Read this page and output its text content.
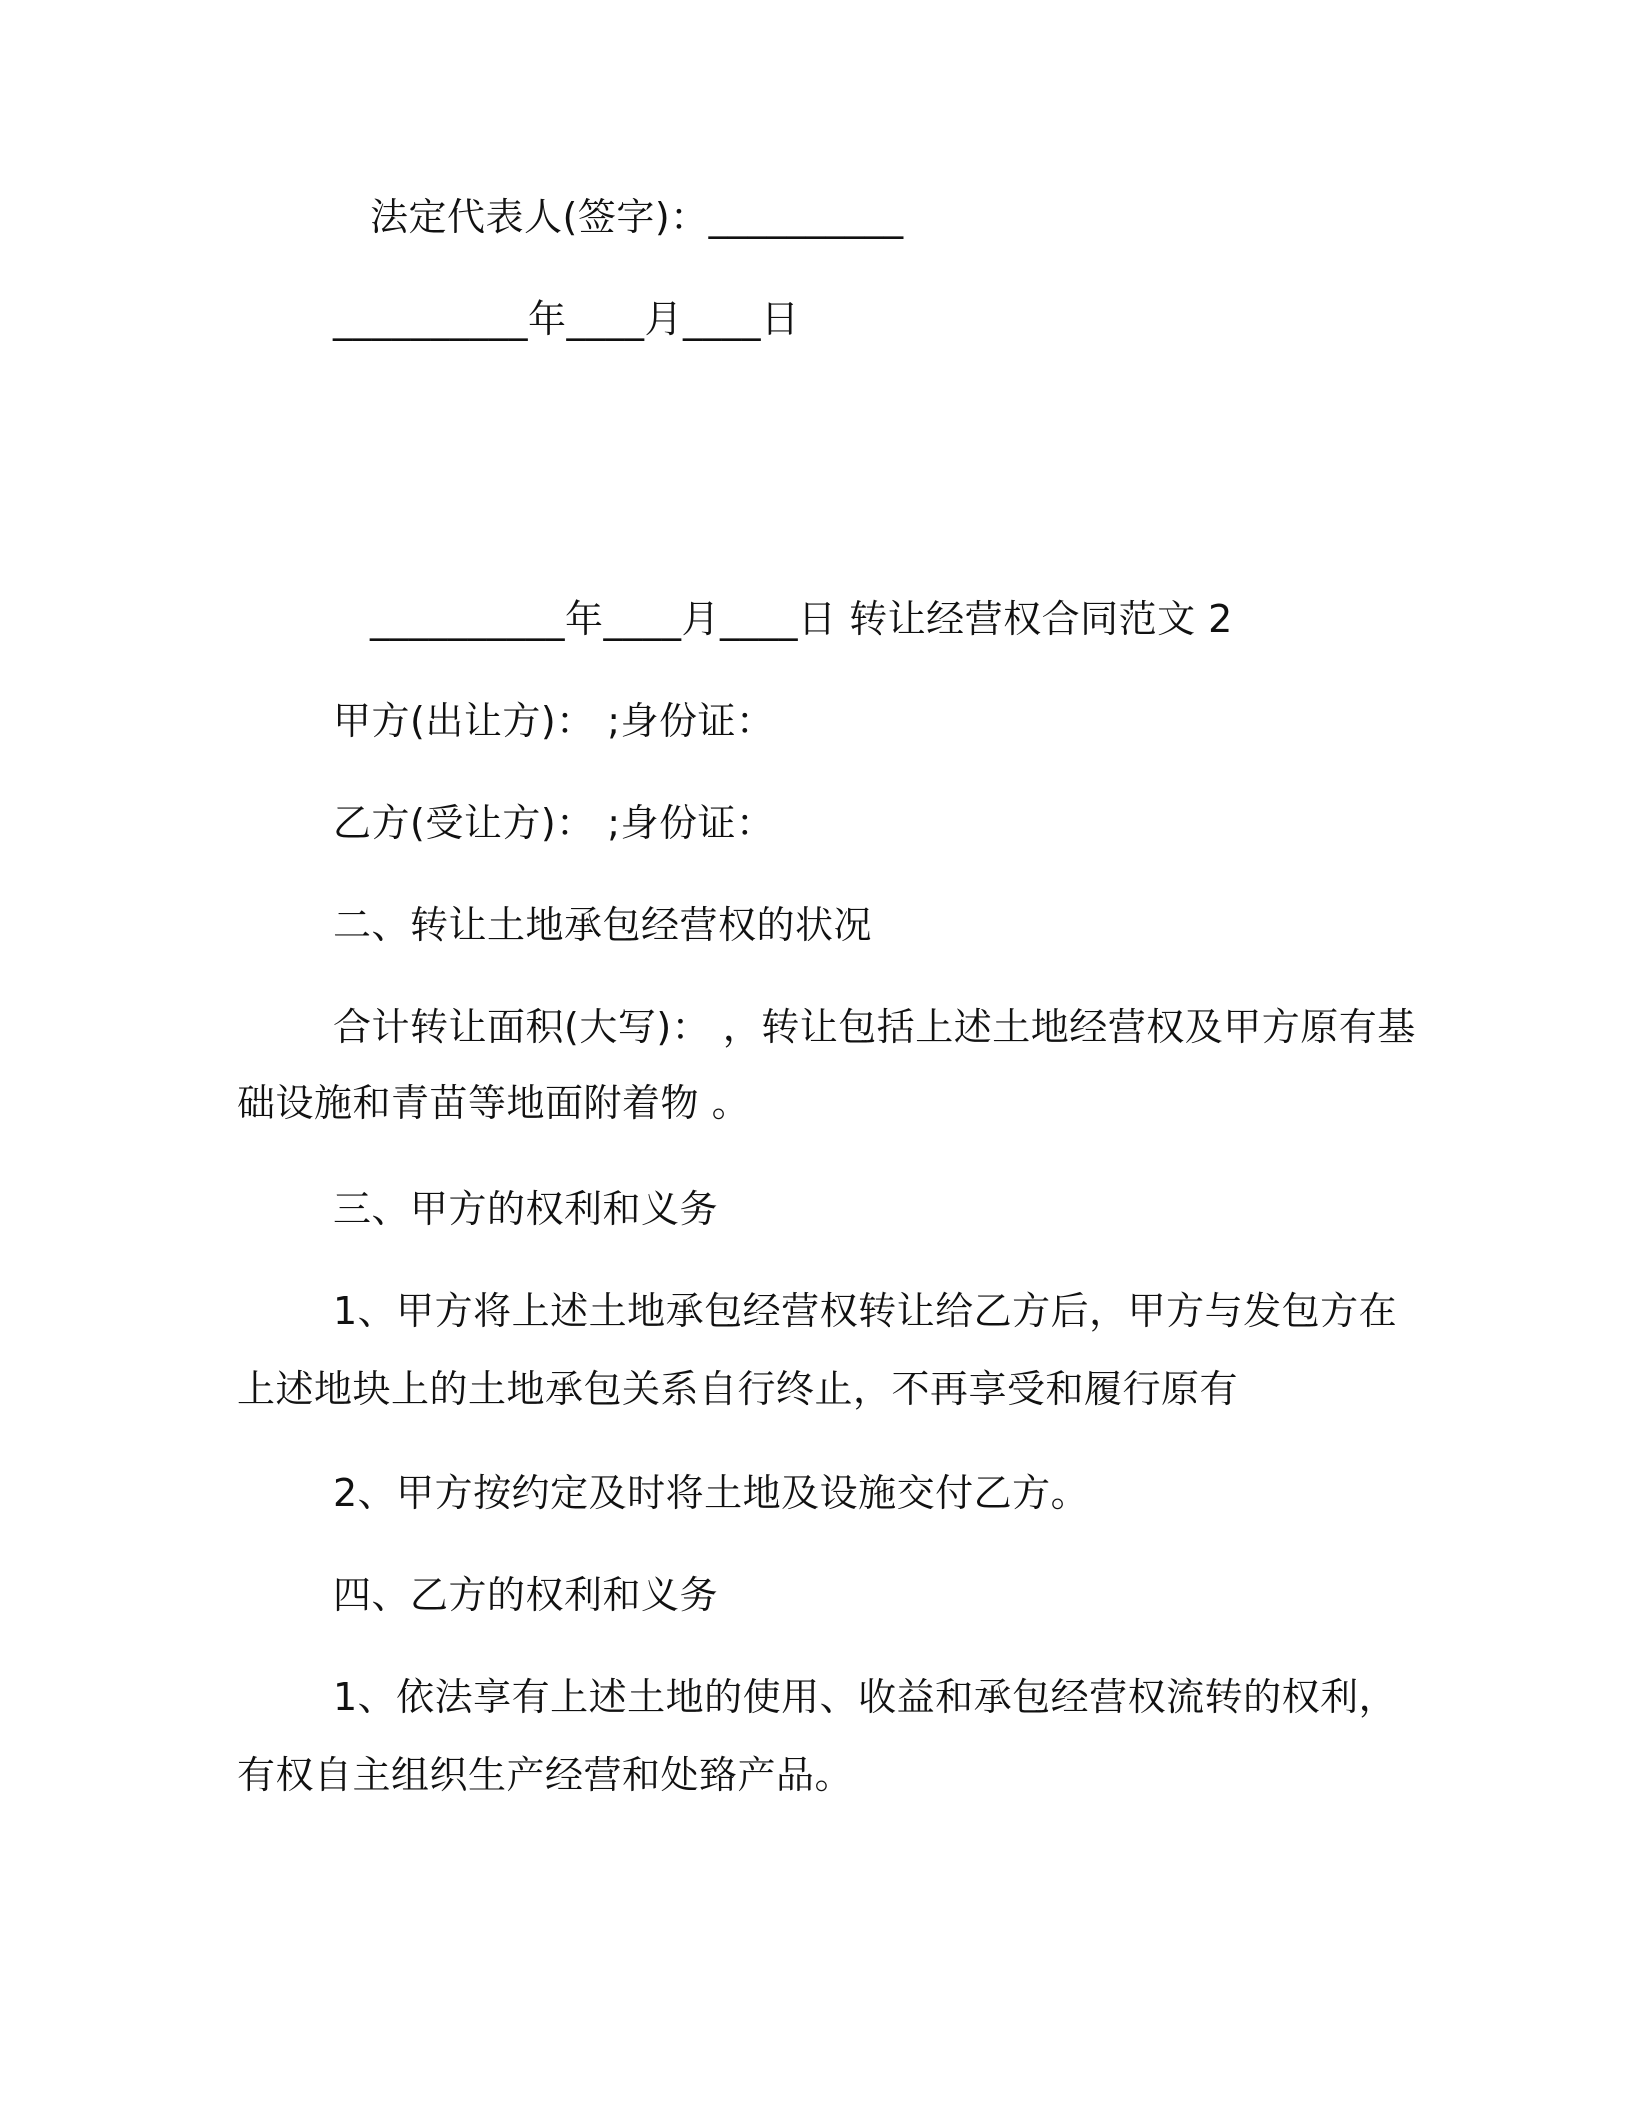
法定代表人(签字)：__________
__________年____月____日
__________年____月____日 转让经营权合同范文 2
甲方(出让方)： ;身份证：
乙方(受让方)： ;身份证：
二、转让土地承包经营权的状况
合计转让面积(大写)： ，转让包括上述土地经营权及甲方原有基
础设施和青苗等地面附着物 。
三、甲方的权利和义务
1、甲方将上述土地承包经营权转让给乙方后，甲方与发包方在
上述地块上的土地承包关系自行终止，不再享受和履行原有
2、甲方按约定及时将土地及设施交付乙方。
四、乙方的权利和义务
1、依法享有上述土地的使用、收益和承包经营权流转的权利，
有权自主组织生产经营和处臵产品。
